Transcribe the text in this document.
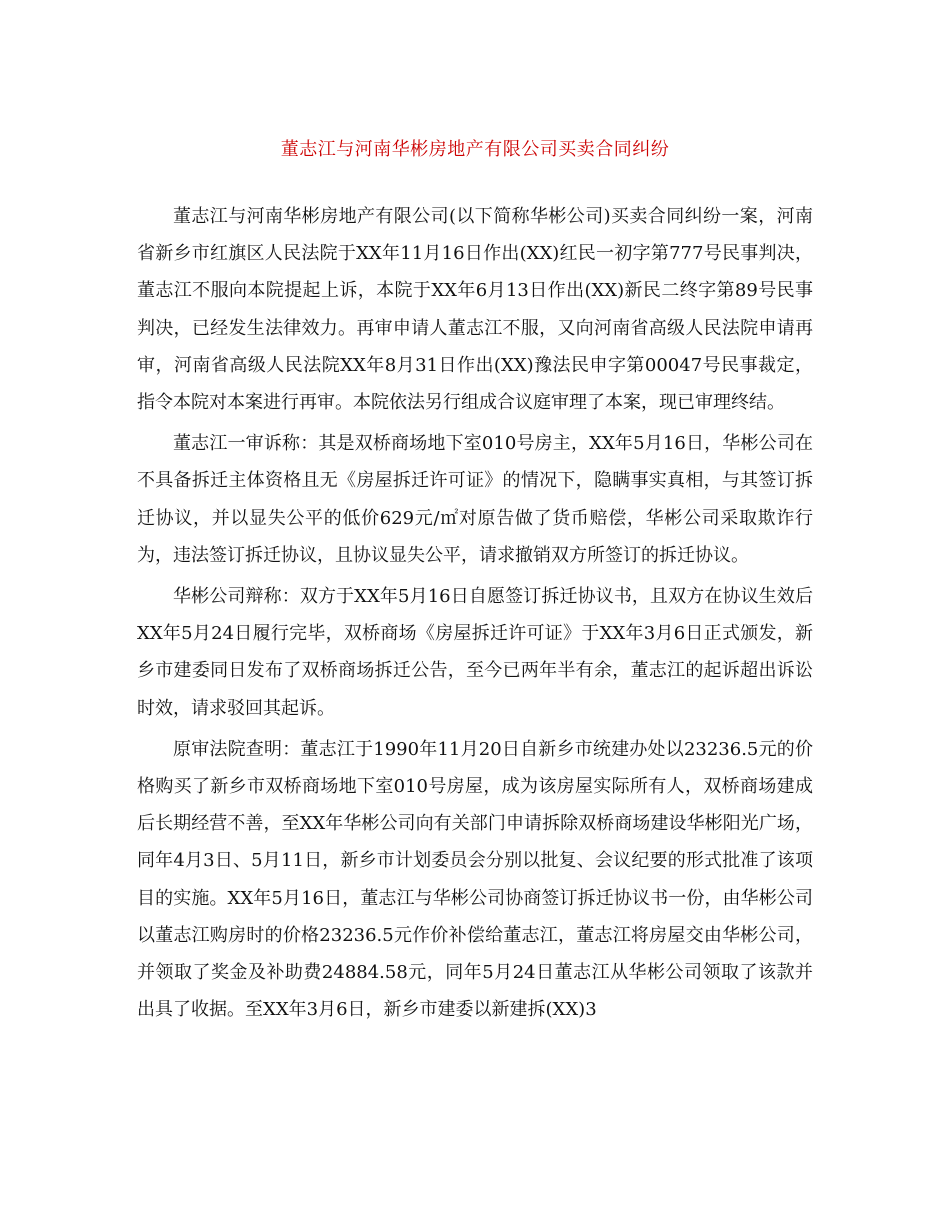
董志江与河南华彬房地产有限公司买卖合同纠纷

董志江与河南华彬房地产有限公司(以下简称华彬公司)买卖合同纠纷一案，河南省新乡市红旗区人民法院于XX年11月16日作出(XX)红民一初字第777号民事判决，董志江不服向本院提起上诉，本院于XX年6月13日作出(XX)新民二终字第89号民事判决，已经发生法律效力。再审申请人董志江不服，又向河南省高级人民法院申请再审，河南省高级人民法院XX年8月31日作出(XX)豫法民申字第00047号民事裁定，指令本院对本案进行再审。本院依法另行组成合议庭审理了本案，现已审理终结。

董志江一审诉称：其是双桥商场地下室010号房主，XX年5月16日，华彬公司在不具备拆迁主体资格且无《房屋拆迁许可证》的情况下，隐瞒事实真相，与其签订拆迁协议，并以显失公平的低价629元/㎡对原告做了货币赔偿，华彬公司采取欺诈行为，违法签订拆迁协议，且协议显失公平，请求撤销双方所签订的拆迁协议。

华彬公司辩称：双方于XX年5月16日自愿签订拆迁协议书，且双方在协议生效后XX年5月24日履行完毕，双桥商场《房屋拆迁许可证》于XX年3月6日正式颁发，新乡市建委同日发布了双桥商场拆迁公告，至今已两年半有余，董志江的起诉超出诉讼时效，请求驳回其起诉。

原审法院查明：董志江于1990年11月20日自新乡市统建办处以23236.5元的价格购买了新乡市双桥商场地下室010号房屋，成为该房屋实际所有人，双桥商场建成后长期经营不善，至XX年华彬公司向有关部门申请拆除双桥商场建设华彬阳光广场，同年4月3日、5月11日，新乡市计划委员会分别以批复、会议纪要的形式批准了该项目的实施。XX年5月16日，董志江与华彬公司协商签订拆迁协议书一份，由华彬公司以董志江购房时的价格23236.5元作价补偿给董志江，董志江将房屋交由华彬公司，并领取了奖金及补助费24884.58元，同年5月24日董志江从华彬公司领取了该款并出具了收据。至XX年3月6日，新乡市建委以新建拆(XX)3
